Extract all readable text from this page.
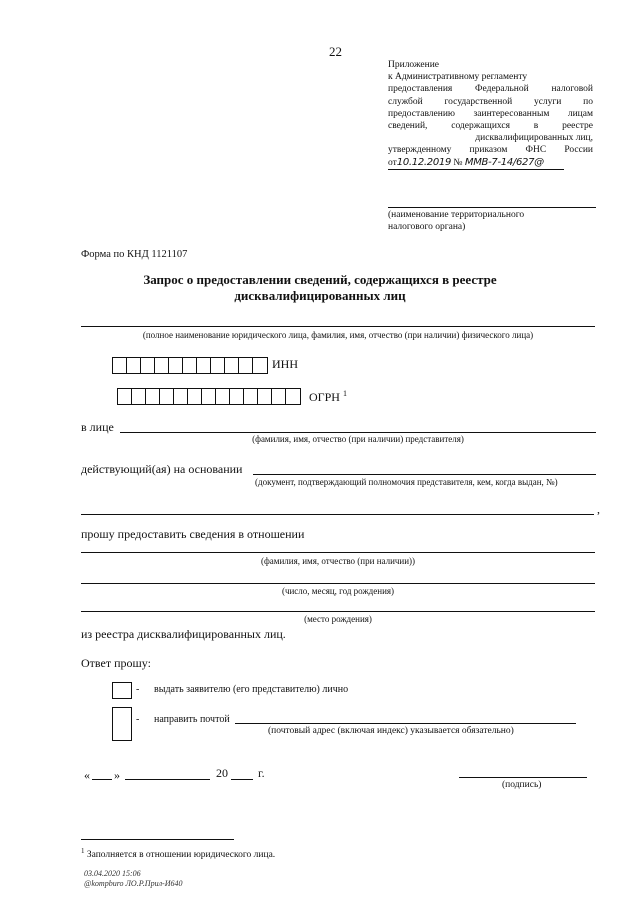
22
Приложение
к Административному регламенту
предоставления Федеральной налоговой
службой государственной услуги по
предоставлению заинтересованным лицам
сведений, содержащихся в реестре
дисквалифицированных лиц,
утвержденному приказом ФНС России
от10.12.2019 № ММВ-7-14/627@
(наименование территориального налогового органа)
Форма по КНД 1121107
Запрос о предоставлении сведений, содержащихся в реестре
дисквалифицированных лиц
(полное наименование юридического лица, фамилия, имя, отчество (при наличии) физического лица)
ИНН
ОГРН $^1$
в лице
(фамилия, имя, отчество (при наличии) представителя)
действующий(ая) на основании
(документ, подтверждающий полномочия представителя, кем, когда выдан, №)
,
прошу предоставить сведения в отношении
(фамилия, имя, отчество (при наличии))
(число, месяц, год рождения)
(место рождения)
из реестра дисквалифицированных лиц.
Ответ прошу:
- выдать заявителю (его представителю) лично
- направить почтой
(почтовый адрес (включая индекс) указывается обязательно)
« »	20	г.
(подпись)
$^1$ Заполняется в отношении юридического лица.
03.04.2020 15:06
@kompburo ЛО.Р.Прил-И640
